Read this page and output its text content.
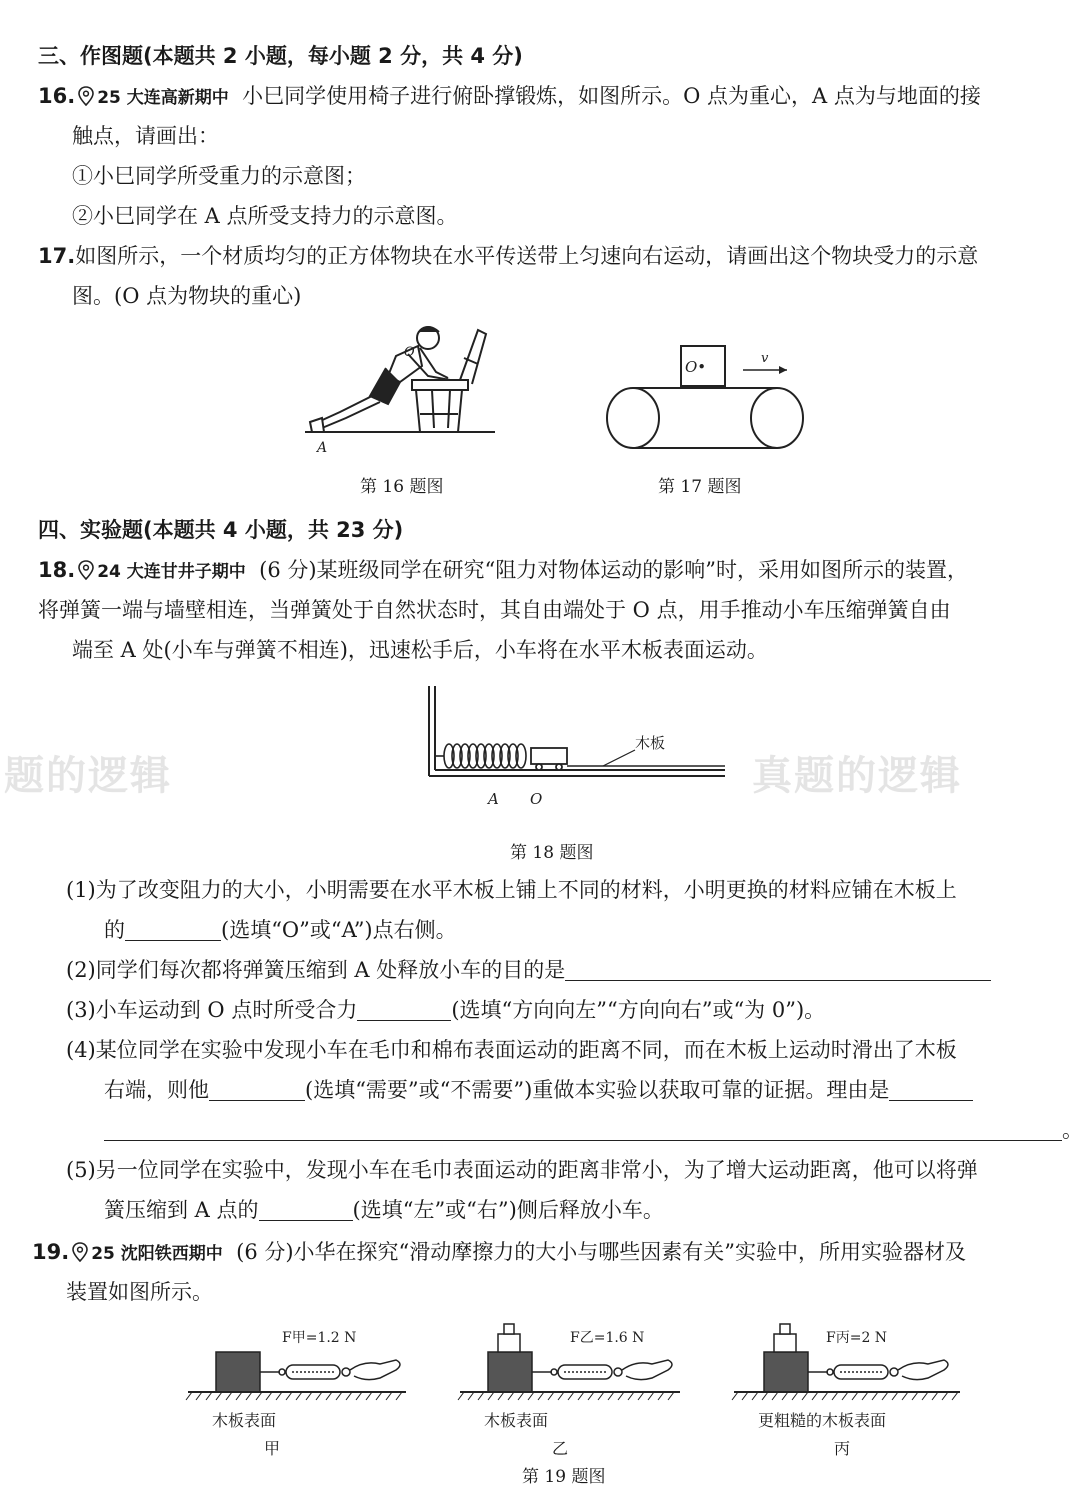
三、作图题(本题共 2 小题，每小题 2 分，共 4 分)
16. 25 大连高新期中 小巳同学使用椅子进行俯卧撑锻炼，如图所示。O 点为重心，A 点为与地面的接
触点，请画出：
①小巳同学所受重力的示意图；
②小巳同学在 A 点所受支持力的示意图。
17.如图所示，一个材质均匀的正方体物块在水平传送带上匀速向右运动，请画出这个物块受力的示意
图。(O 点为物块的重心)
O
A
第 16 题图
O•	v
第 17 题图
四、实验题(本题共 4 小题，共 23 分)
18. 24 大连甘井子期中 (6 分)某班级同学在研究“阻力对物体运动的影响”时，采用如图所示的装置，
将弹簧一端与墙壁相连，当弹簧处于自然状态时，其自由端处于 O 点，用手推动小车压缩弹簧自由
端至 A 处(小车与弹簧不相连)，迅速松手后，小车将在水平木板表面运动。
题的逻辑	真题的逻辑
木板
A O
第 18 题图
(1)为了改变阻力的大小，小明需要在水平木板上铺上不同的材料，小明更换的材料应铺在木板上
的	(选填“O”或“A”)点右侧。
(2)同学们每次都将弹簧压缩到 A 处释放小车的目的是
(3)小车运动到 O 点时所受合力	(选填“方向向左”“方向向右”或“为 0”)。
(4)某位同学在实验中发现小车在毛巾和棉布表面运动的距离不同，而在木板上运动时滑出了木板
右端，则他	(选填“需要”或“不需要”)重做本实验以获取可靠的证据。理由是
。
(5)另一位同学在实验中，发现小车在毛巾表面运动的距离非常小，为了增大运动距离，他可以将弹
簧压缩到 A 点的	(选填“左”或“右”)侧后释放小车。
19. 25 沈阳铁西期中 (6 分)小华在探究“滑动摩擦力的大小与哪些因素有关”实验中，所用实验器材及
装置如图所示。
F甲=1.2 N
木板表面
甲
F乙=1.6 N
木板表面
乙
F丙=2 N
更粗糙的木板表面
丙
第 19 题图
